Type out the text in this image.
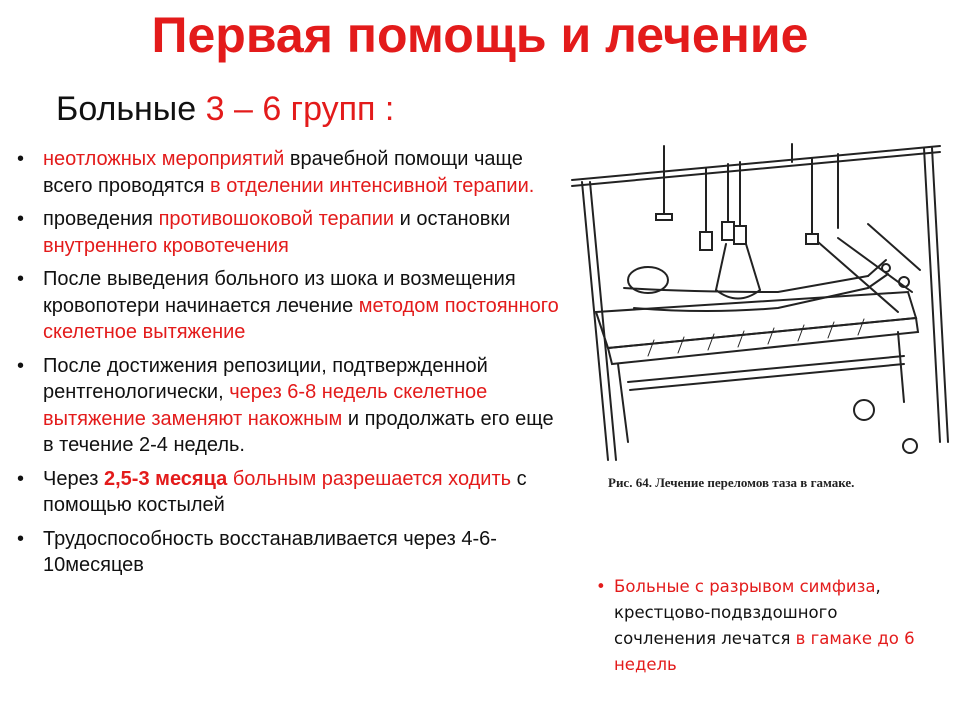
Первая помощь и лечение
Больные 3 – 6 групп :
• неотложных мероприятий врачебной помощи чаще всего проводятся в отделении интенсивной терапии.
• проведения противошоковой терапии и остановки внутреннего кровотечения
• После выведения больного из шока и возмещения кровопотери начинается лечение методом постоянного скелетное вытяжение
• После достижения репозиции, подтвержденной рентгенологически, через 6-8 недель скелетное вытяжение заменяют накожным и продолжать его еще в течение 2-4 недель.
• Через 2,5-3 месяца больным разрешается ходить с помощью костылей
• Трудоспособность восстанавливается через 4-6-10месяцев
Рис. 64. Лечение переломов таза в гамаке.
• Больные с разрывом симфиза, крестцово-подвздошного сочленения лечатся в гамаке до 6 недель
